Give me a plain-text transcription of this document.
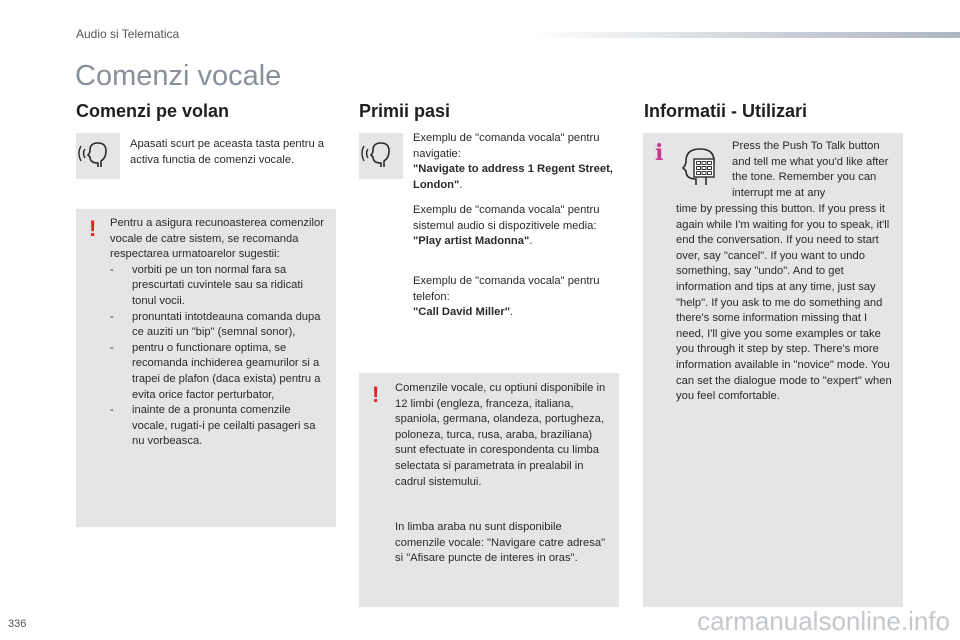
Audio si Telematica
Comenzi vocale
Comenzi pe volan	Primii pasi	Informatii - Utilizari
Apasati scurt pe aceasta tasta pentru a activa functia de comenzi vocale.
! Pentru a asigura recunoasterea comenzilor vocale de catre sistem, se recomanda respectarea urmatoarelor sugestii:
- vorbiti pe un ton normal fara sa prescurtati cuvintele sau sa ridicati tonul vocii.
- pronuntati intotdeauna comanda dupa ce auziti un "bip" (semnal sonor),
- pentru o functionare optima, se recomanda inchiderea geamurilor si a trapei de plafon (daca exista) pentru a evita orice factor perturbator,
- inainte de a pronunta comenzile vocale, rugati-i pe ceilalti pasageri sa nu vorbeasca.
Exemplu de "comanda vocala" pentru navigatie:
"Navigate to address 1 Regent Street, London".
Exemplu de "comanda vocala" pentru sistemul audio si dispozitivele media:
"Play artist Madonna".
Exemplu de "comanda vocala" pentru telefon:
"Call David Miller".
! Comenzile vocale, cu optiuni disponibile in 12 limbi (engleza, franceza, italiana, spaniola, germana, olandeza, portugheza, poloneza, turca, rusa, araba, braziliana) sunt efectuate in corespondenta cu limba selectata si parametrata in prealabil in cadrul sistemului.
In limba araba nu sunt disponibile comenzile vocale: "Navigare catre adresa" si "Afisare puncte de interes in oras".
i	Press the Push To Talk button and tell me what you'd like after the tone. Remember you can interrupt me at any
time by pressing this button. If you press it again while I'm waiting for you to speak, it'll end the conversation. If you need to start over, say "cancel". If you want to undo something, say "undo". And to get information and tips at any time, just say "help". If you ask to me do something and there's some information missing that I need, I'll give you some examples or take you through it step by step. There's more information available in "novice" mode. You can set the dialogue mode to "expert" when you feel comfortable.
336	carmanualsonline.info
